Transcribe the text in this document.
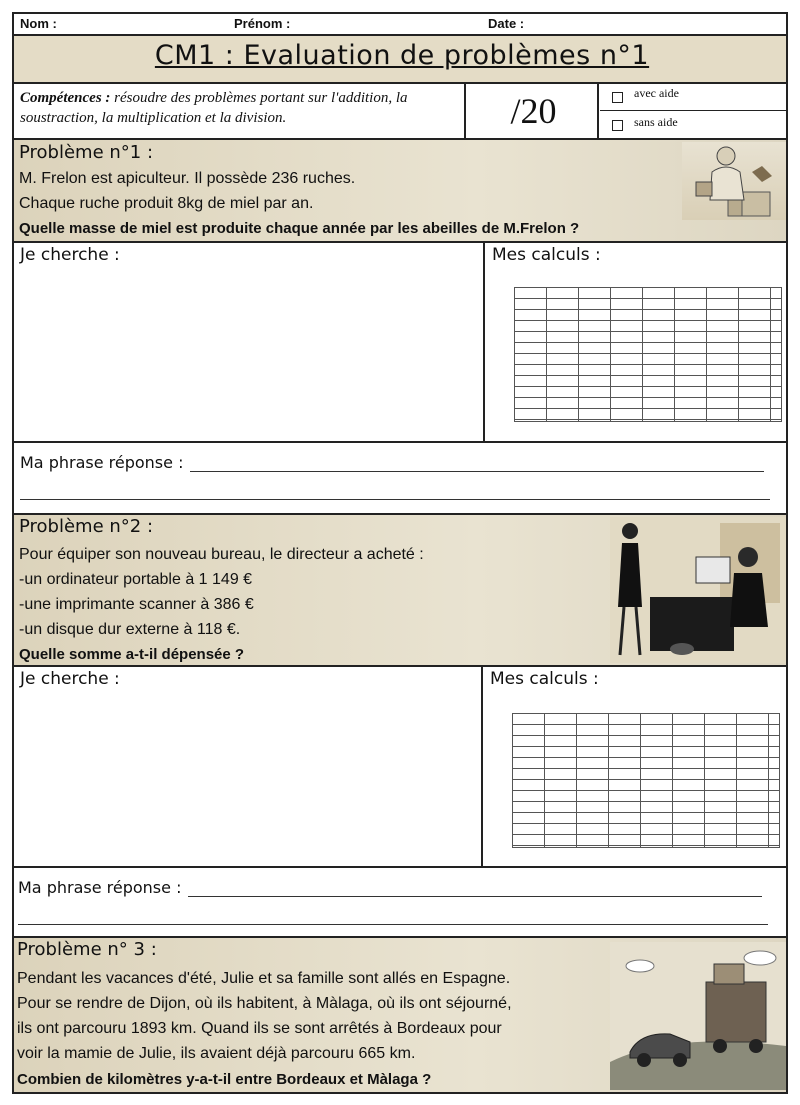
Nom :	Prénom :	Date :
CM1 : Evaluation de problèmes n°1
Compétences : résoudre des problèmes portant sur l'addition, la soustraction, la multiplication et la division.	/20	avec aide
sans aide
Problème n°1 :
M. Frelon est apiculteur. Il possède 236 ruches.
Chaque ruche produit 8kg de miel par an.
Quelle masse de miel est produite chaque année par les abeilles de M.Frelon ?
Je cherche :	Mes calculs :
Ma phrase réponse :
Problème n°2 :
Pour équiper son nouveau bureau, le directeur a acheté :
-un ordinateur portable à 1 149 €
-une imprimante scanner à 386 €
-un disque dur externe à 118 €.
Quelle somme a-t-il dépensée ?
Je cherche :	Mes calculs :
Ma phrase réponse :
Problème n° 3 :
Pendant les vacances d'été, Julie et sa famille sont allés en Espagne.
Pour se rendre de Dijon, où ils habitent, à Màlaga, où ils ont séjourné,
ils ont parcouru 1893 km. Quand ils se sont arrêtés à Bordeaux pour
voir la mamie de Julie, ils avaient déjà parcouru 665 km.
Combien de kilomètres y-a-t-il entre Bordeaux et Màlaga ?
